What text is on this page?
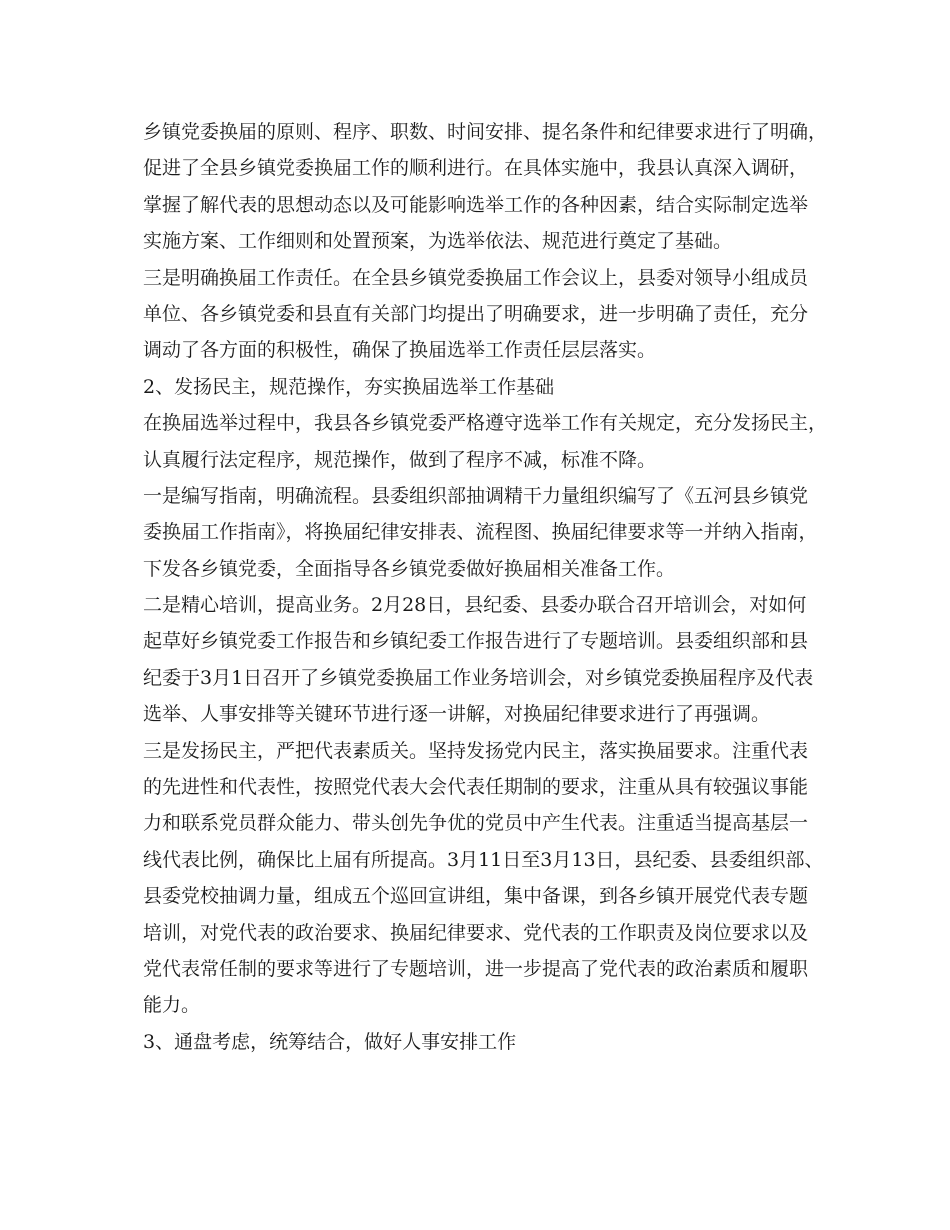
乡镇党委换届的原则、程序、职数、时间安排、提名条件和纪律要求进行了明确，
促进了全县乡镇党委换届工作的顺利进行。在具体实施中，我县认真深入调研，
掌握了解代表的思想动态以及可能影响选举工作的各种因素，结合实际制定选举
实施方案、工作细则和处置预案，为选举依法、规范进行奠定了基础。
三是明确换届工作责任。在全县乡镇党委换届工作会议上，县委对领导小组成员
单位、各乡镇党委和县直有关部门均提出了明确要求，进一步明确了责任，充分
调动了各方面的积极性，确保了换届选举工作责任层层落实。
2、发扬民主，规范操作，夯实换届选举工作基础
在换届选举过程中，我县各乡镇党委严格遵守选举工作有关规定，充分发扬民主，
认真履行法定程序，规范操作，做到了程序不减，标准不降。
一是编写指南，明确流程。县委组织部抽调精干力量组织编写了《五河县乡镇党
委换届工作指南》，将换届纪律安排表、流程图、换届纪律要求等一并纳入指南，
下发各乡镇党委，全面指导各乡镇党委做好换届相关准备工作。
二是精心培训，提高业务。2月28日，县纪委、县委办联合召开培训会，对如何
起草好乡镇党委工作报告和乡镇纪委工作报告进行了专题培训。县委组织部和县
纪委于3月1日召开了乡镇党委换届工作业务培训会，对乡镇党委换届程序及代表
选举、人事安排等关键环节进行逐一讲解，对换届纪律要求进行了再强调。
三是发扬民主，严把代表素质关。坚持发扬党内民主，落实换届要求。注重代表
的先进性和代表性，按照党代表大会代表任期制的要求，注重从具有较强议事能
力和联系党员群众能力、带头创先争优的党员中产生代表。注重适当提高基层一
线代表比例，确保比上届有所提高。3月11日至3月13日，县纪委、县委组织部、
县委党校抽调力量，组成五个巡回宣讲组，集中备课，到各乡镇开展党代表专题
培训，对党代表的政治要求、换届纪律要求、党代表的工作职责及岗位要求以及
党代表常任制的要求等进行了专题培训，进一步提高了党代表的政治素质和履职
能力。
3、通盘考虑，统筹结合，做好人事安排工作
